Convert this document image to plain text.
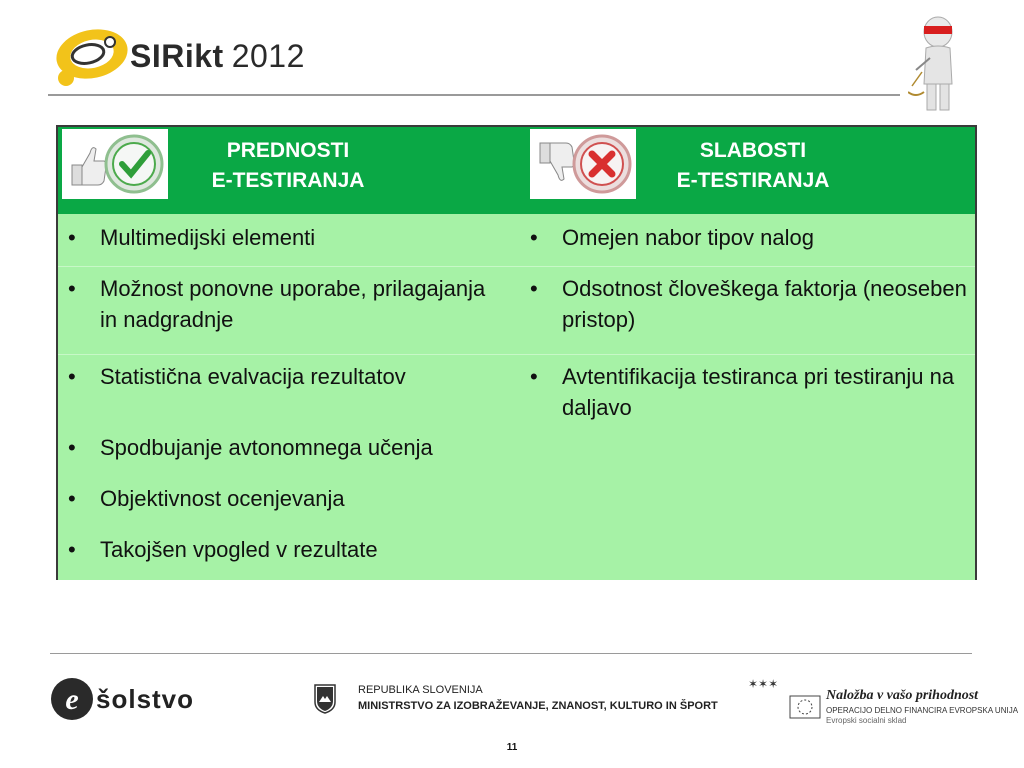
SIRikt 2012
PREDNOSTI
E-TESTIRANJA
SLABOSTI
E-TESTIRANJA
• Multimedijski elementi
• Možnost ponovne uporabe, prilagajanja in nadgradnje
• Statistična evalvacija rezultatov
• Spodbujanje avtonomnega učenja
• Objektivnost ocenjevanja
• Takojšen vpogled v rezultate
• Omejen nabor tipov nalog
• Odsotnost človeškega faktorja (neoseben pristop)
• Avtentifikacija testiranca pri testiranju na daljavo
e šolstvo	REPUBLIKA SLOVENIJA
MINISTRSTVO ZA IZOBRAŽEVANJE, ZNANOST, KULTURO IN ŠPORT
✶✶✶
Naložba v vašo prihodnost
OPERACIJO DELNO FINANCIRA EVROPSKA UNIJA
Evropski socialni sklad
11
